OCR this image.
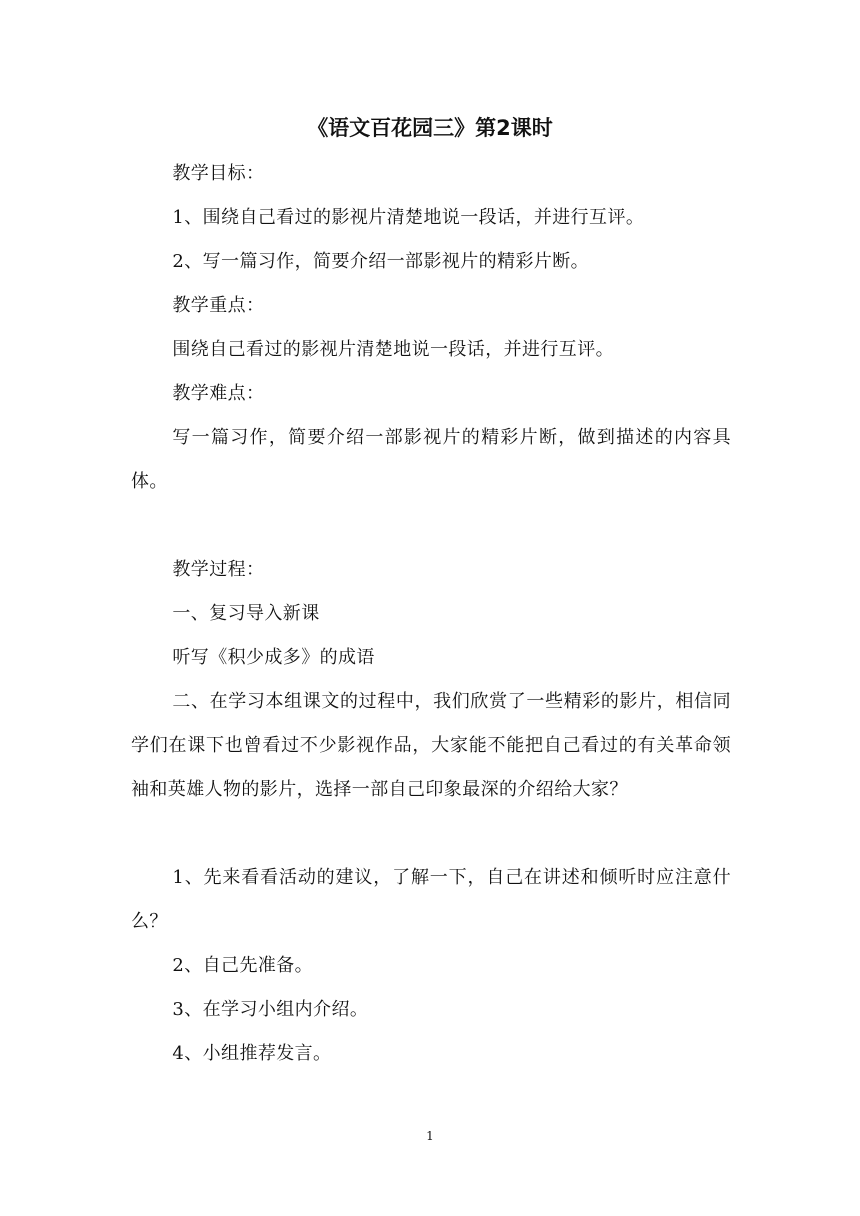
《语文百花园三》第2课时
教学目标：
1、围绕自己看过的影视片清楚地说一段话，并进行互评。
2、写一篇习作，简要介绍一部影视片的精彩片断。
教学重点：
围绕自己看过的影视片清楚地说一段话，并进行互评。
教学难点：
写一篇习作，简要介绍一部影视片的精彩片断，做到描述的内容具体。
教学过程：
一、复习导入新课
听写《积少成多》的成语
二、在学习本组课文的过程中，我们欣赏了一些精彩的影片，相信同学们在课下也曾看过不少影视作品，大家能不能把自己看过的有关革命领袖和英雄人物的影片，选择一部自己印象最深的介绍给大家？
1、先来看看活动的建议，了解一下，自己在讲述和倾听时应注意什么？
2、自己先准备。
3、在学习小组内介绍。
4、小组推荐发言。
1
